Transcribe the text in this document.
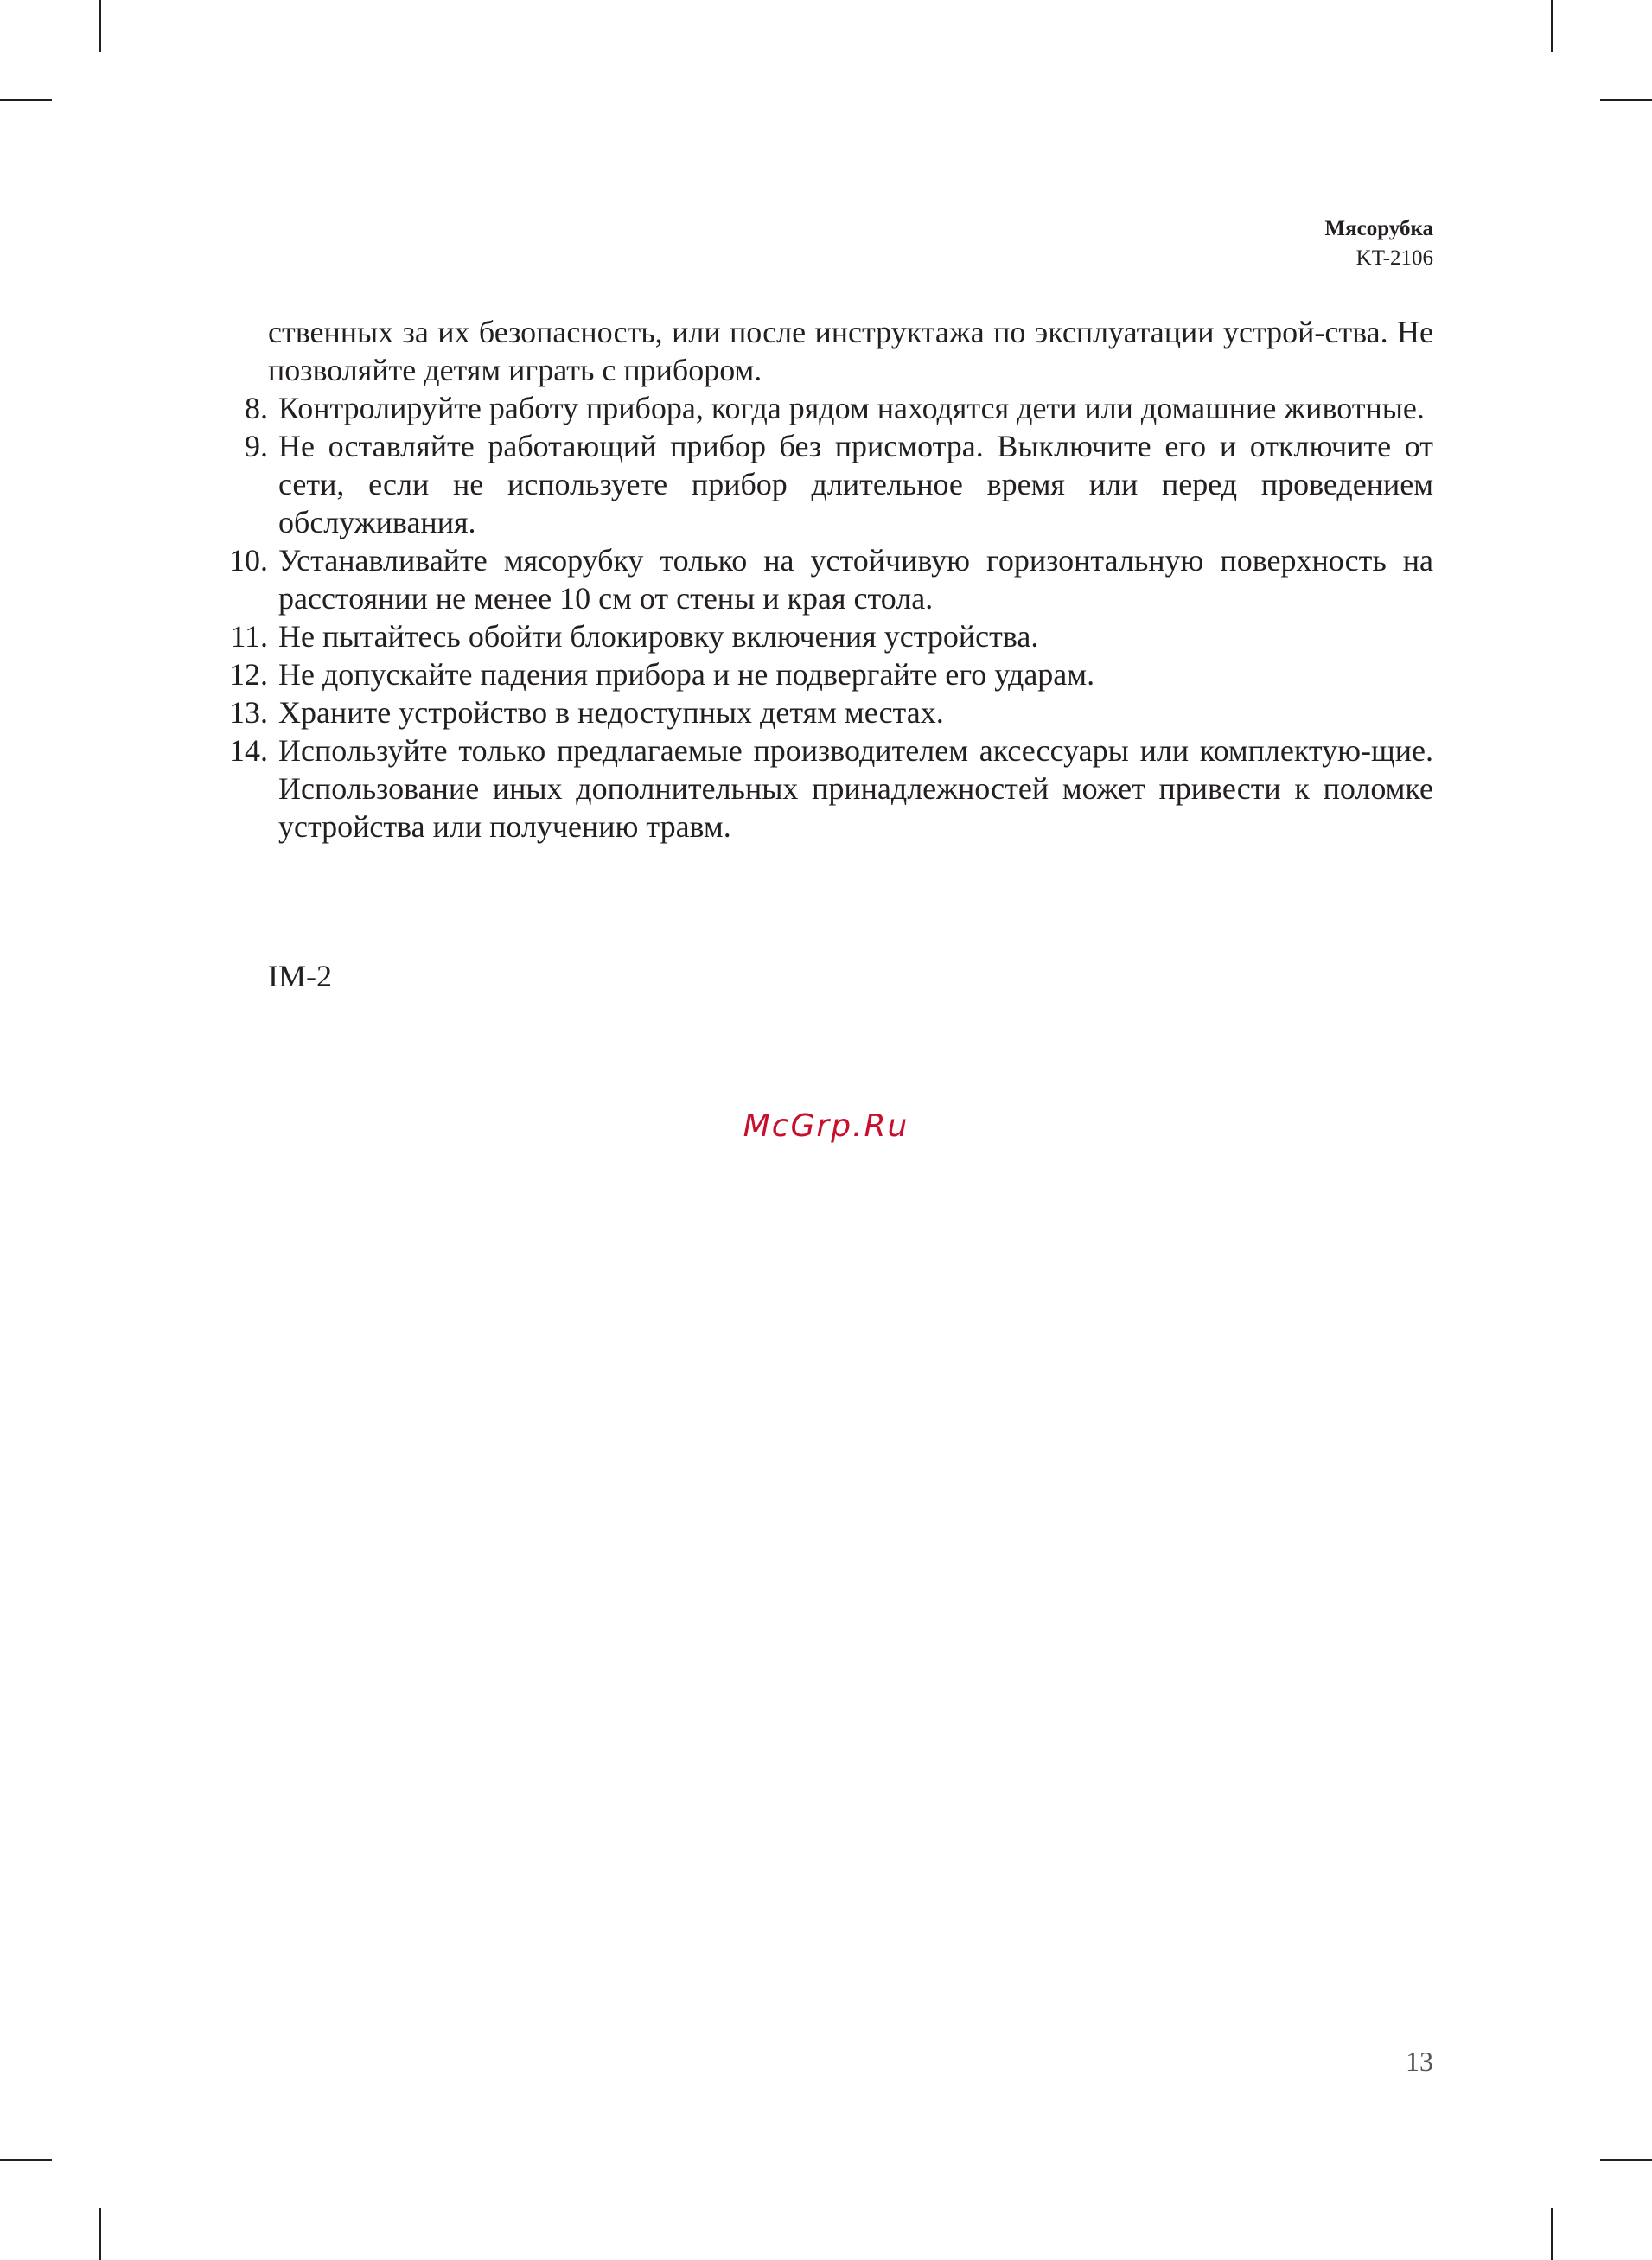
Мясорубка
KT-2106
ственных за их безопасность, или после инструктажа по эксплуатации устрой-ства. Не позволяйте детям играть с прибором.
8. Контролируйте работу прибора, когда рядом находятся дети или домашние животные.
9. Не оставляйте работающий прибор без присмотра. Выключите его и отключите от сети, если не используете прибор длительное время или перед проведением обслуживания.
10. Устанавливайте мясорубку только на устойчивую горизонтальную поверхность на расстоянии не менее 10 см от стены и края стола.
11. Не пытайтесь обойти блокировку включения устройства.
12. Не допускайте падения прибора и не подвергайте его ударам.
13. Храните устройство в недоступных детям местах.
14. Используйте только предлагаемые производителем аксессуары или комплектую-щие. Использование иных дополнительных принадлежностей может привести к поломке устройства или получению травм.
IM-2
McGrp.Ru
13
